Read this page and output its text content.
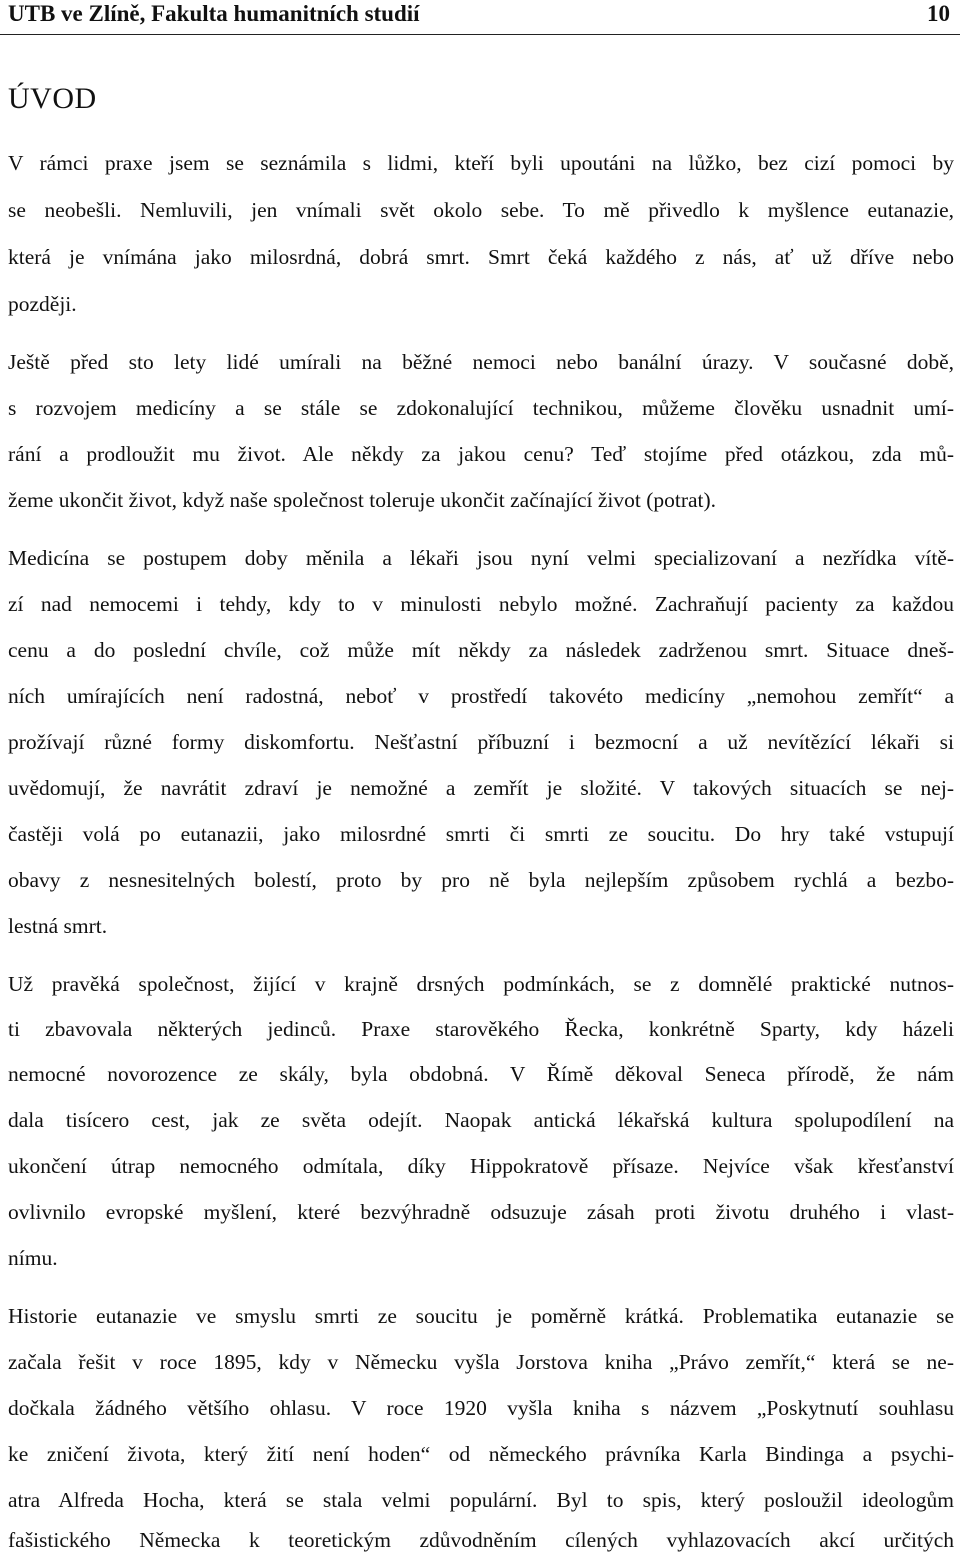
UTB ve Zlíně, Fakulta humanitních studií	10
ÚVOD
V rámci praxe jsem se seznámila s lidmi, kteří byli upoutáni na lůžko, bez cizí pomoci by
se neobešli. Nemluvili, jen vnímali svět okolo sebe. To mě přivedlo k myšlence eutanazie,
která je vnímána jako milosrdná, dobrá smrt. Smrt čeká každého z nás, ať už dříve nebo
později.
Ještě před sto lety lidé umírali na běžné nemoci nebo banální úrazy. V současné době,
s rozvojem medicíny a se stále se zdokonalující technikou, můžeme člověku usnadnit umí-
rání a prodloužit mu život. Ale někdy za jakou cenu? Teď stojíme před otázkou, zda mů-
žeme ukončit život, když naše společnost toleruje ukončit začínající život (potrat).
Medicína se postupem doby měnila a lékaři jsou nyní velmi specializovaní a nezřídka vítě-
zí nad nemocemi i tehdy, kdy to v minulosti nebylo možné. Zachraňují pacienty za každou
cenu a do poslední chvíle, což může mít někdy za následek zadrženou smrt. Situace dneš-
ních umírajících není radostná, neboť v prostředí takovéto medicíny „nemohou zemřít“ a
prožívají různé formy diskomfortu. Nešťastní příbuzní i bezmocní a už nevítězící lékaři si
uvědomují, že navrátit zdraví je nemožné a zemřít je složité. V takových situacích se nej-
častěji volá po eutanazii, jako milosrdné smrti či smrti ze soucitu. Do hry také vstupují
obavy z nesnesitelných bolestí, proto by pro ně byla nejlepším způsobem rychlá a bezbo-
lestná smrt.
Už pravěká společnost, žijící v krajně drsných podmínkách, se z domnělé praktické nutnos-
ti zbavovala některých jedinců. Praxe starověkého Řecka, konkrétně Sparty, kdy házeli
nemocné novorozence ze skály, byla obdobná. V Římě děkoval Seneca přírodě, že nám
dala tisícero cest, jak ze světa odejít. Naopak antická lékařská kultura spolupodílení na
ukončení útrap nemocného odmítala, díky Hippokratově přísaze. Nejvíce však křesťanství
ovlivnilo evropské myšlení, které bezvýhradně odsuzuje zásah proti životu druhého i vlast-
nímu.
Historie eutanazie ve smyslu smrti ze soucitu je poměrně krátká. Problematika eutanazie se
začala řešit v roce 1895, kdy v Německu vyšla Jorstova kniha „Právo zemřít,“ která se ne-
dočkala žádného většího ohlasu. V roce 1920 vyšla kniha s názvem „Poskytnutí souhlasu
ke zničení života, který žití není hoden“ od německého právníka Karla Bindinga a psychi-
atra Alfreda Hocha, která se stala velmi populární. Byl to spis, který posloužil ideologům
fašistického Německa k teoretickým zdůvodněním cílených vyhlazovacích akcí určitých
